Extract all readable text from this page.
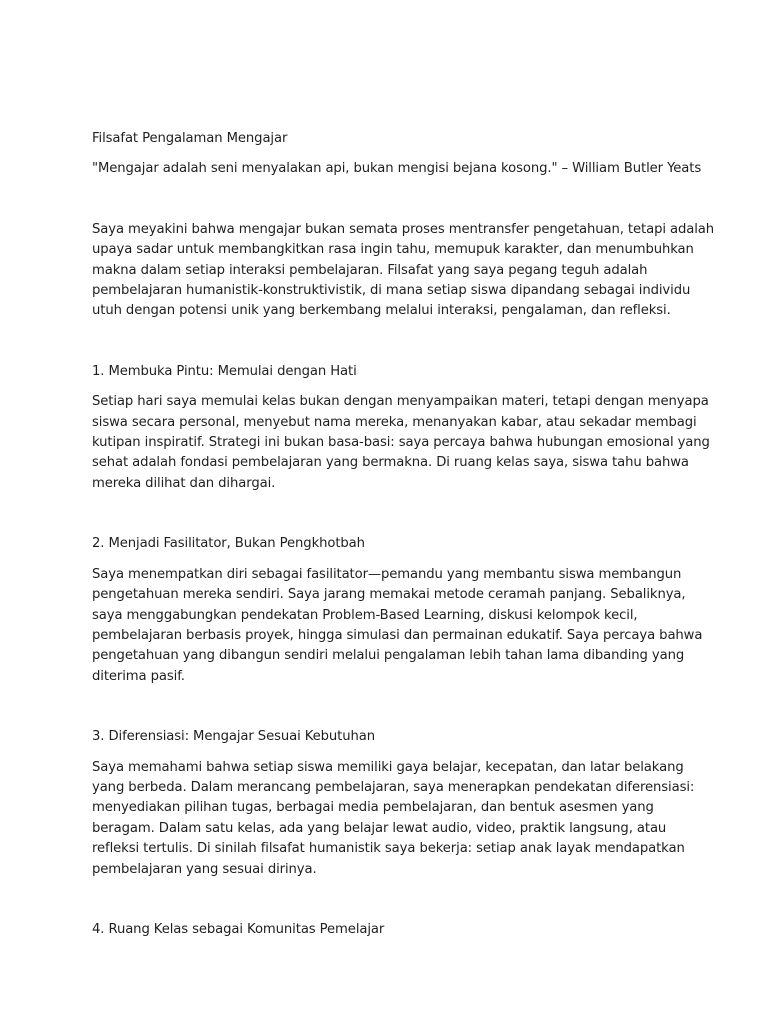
Filsafat Pengalaman Mengajar

"Mengajar adalah seni menyalakan api, bukan mengisi bejana kosong." – William Butler Yeats

Saya meyakini bahwa mengajar bukan semata proses mentransfer pengetahuan, tetapi adalah upaya sadar untuk membangkitkan rasa ingin tahu, memupuk karakter, dan menumbuhkan makna dalam setiap interaksi pembelajaran. Filsafat yang saya pegang teguh adalah pembelajaran humanistik-konstruktivistik, di mana setiap siswa dipandang sebagai individu utuh dengan potensi unik yang berkembang melalui interaksi, pengalaman, dan refleksi.

1. Membuka Pintu: Memulai dengan Hati

Setiap hari saya memulai kelas bukan dengan menyampaikan materi, tetapi dengan menyapa siswa secara personal, menyebut nama mereka, menanyakan kabar, atau sekadar membagi kutipan inspiratif. Strategi ini bukan basa-basi: saya percaya bahwa hubungan emosional yang sehat adalah fondasi pembelajaran yang bermakna. Di ruang kelas saya, siswa tahu bahwa mereka dilihat dan dihargai.

2. Menjadi Fasilitator, Bukan Pengkhotbah

Saya menempatkan diri sebagai fasilitator—pemandu yang membantu siswa membangun pengetahuan mereka sendiri. Saya jarang memakai metode ceramah panjang. Sebaliknya, saya menggabungkan pendekatan Problem-Based Learning, diskusi kelompok kecil, pembelajaran berbasis proyek, hingga simulasi dan permainan edukatif. Saya percaya bahwa pengetahuan yang dibangun sendiri melalui pengalaman lebih tahan lama dibanding yang diterima pasif.

3. Diferensiasi: Mengajar Sesuai Kebutuhan

Saya memahami bahwa setiap siswa memiliki gaya belajar, kecepatan, dan latar belakang yang berbeda. Dalam merancang pembelajaran, saya menerapkan pendekatan diferensiasi: menyediakan pilihan tugas, berbagai media pembelajaran, dan bentuk asesmen yang beragam. Dalam satu kelas, ada yang belajar lewat audio, video, praktik langsung, atau refleksi tertulis. Di sinilah filsafat humanistik saya bekerja: setiap anak layak mendapatkan pembelajaran yang sesuai dirinya.

4. Ruang Kelas sebagai Komunitas Pemelajar
